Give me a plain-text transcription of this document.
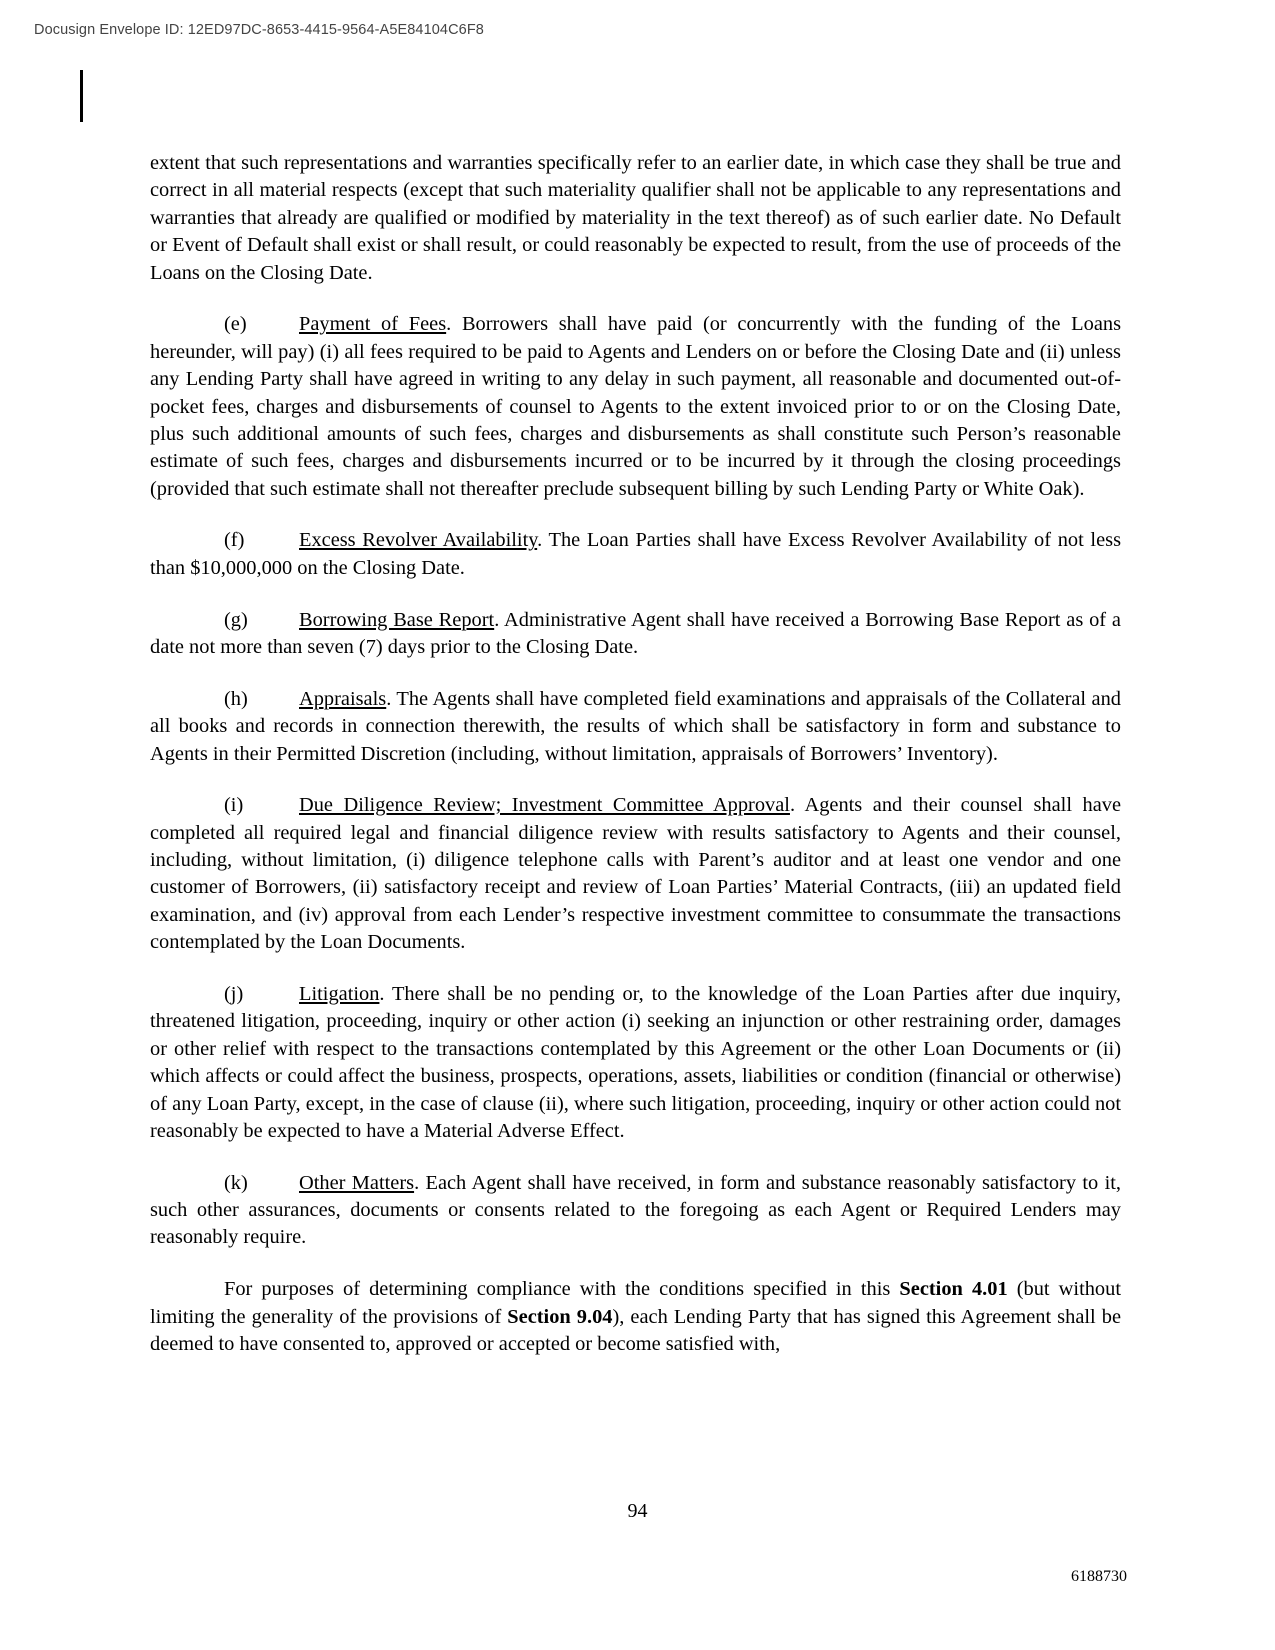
Docusign Envelope ID: 12ED97DC-8653-4415-9564-A5E84104C6F8

extent that such representations and warranties specifically refer to an earlier date, in which case they shall be true and correct in all material respects (except that such materiality qualifier shall not be applicable to any representations and warranties that already are qualified or modified by materiality in the text thereof) as of such earlier date. No Default or Event of Default shall exist or shall result, or could reasonably be expected to result, from the use of proceeds of the Loans on the Closing Date.

(e)	Payment of Fees. Borrowers shall have paid (or concurrently with the funding of the Loans hereunder, will pay) (i) all fees required to be paid to Agents and Lenders on or before the Closing Date and (ii) unless any Lending Party shall have agreed in writing to any delay in such payment, all reasonable and documented out-of-pocket fees, charges and disbursements of counsel to Agents to the extent invoiced prior to or on the Closing Date, plus such additional amounts of such fees, charges and disbursements as shall constitute such Person’s reasonable estimate of such fees, charges and disbursements incurred or to be incurred by it through the closing proceedings (provided that such estimate shall not thereafter preclude subsequent billing by such Lending Party or White Oak).

(f)	Excess Revolver Availability. The Loan Parties shall have Excess Revolver Availability of not less than $10,000,000 on the Closing Date.

(g)	Borrowing Base Report. Administrative Agent shall have received a Borrowing Base Report as of a date not more than seven (7) days prior to the Closing Date.

(h)	Appraisals. The Agents shall have completed field examinations and appraisals of the Collateral and all books and records in connection therewith, the results of which shall be satisfactory in form and substance to Agents in their Permitted Discretion (including, without limitation, appraisals of Borrowers’ Inventory).

(i)	Due Diligence Review; Investment Committee Approval. Agents and their counsel shall have completed all required legal and financial diligence review with results satisfactory to Agents and their counsel, including, without limitation, (i) diligence telephone calls with Parent’s auditor and at least one vendor and one customer of Borrowers, (ii) satisfactory receipt and review of Loan Parties’ Material Contracts, (iii) an updated field examination, and (iv) approval from each Lender’s respective investment committee to consummate the transactions contemplated by the Loan Documents.

(j)	Litigation. There shall be no pending or, to the knowledge of the Loan Parties after due inquiry, threatened litigation, proceeding, inquiry or other action (i) seeking an injunction or other restraining order, damages or other relief with respect to the transactions contemplated by this Agreement or the other Loan Documents or (ii) which affects or could affect the business, prospects, operations, assets, liabilities or condition (financial or otherwise) of any Loan Party, except, in the case of clause (ii), where such litigation, proceeding, inquiry or other action could not reasonably be expected to have a Material Adverse Effect.

(k)	Other Matters. Each Agent shall have received, in form and substance reasonably satisfactory to it, such other assurances, documents or consents related to the foregoing as each Agent or Required Lenders may reasonably require.

For purposes of determining compliance with the conditions specified in this Section 4.01 (but without limiting the generality of the provisions of Section 9.04), each Lending Party that has signed this Agreement shall be deemed to have consented to, approved or accepted or become satisfied with,

94
6188730
